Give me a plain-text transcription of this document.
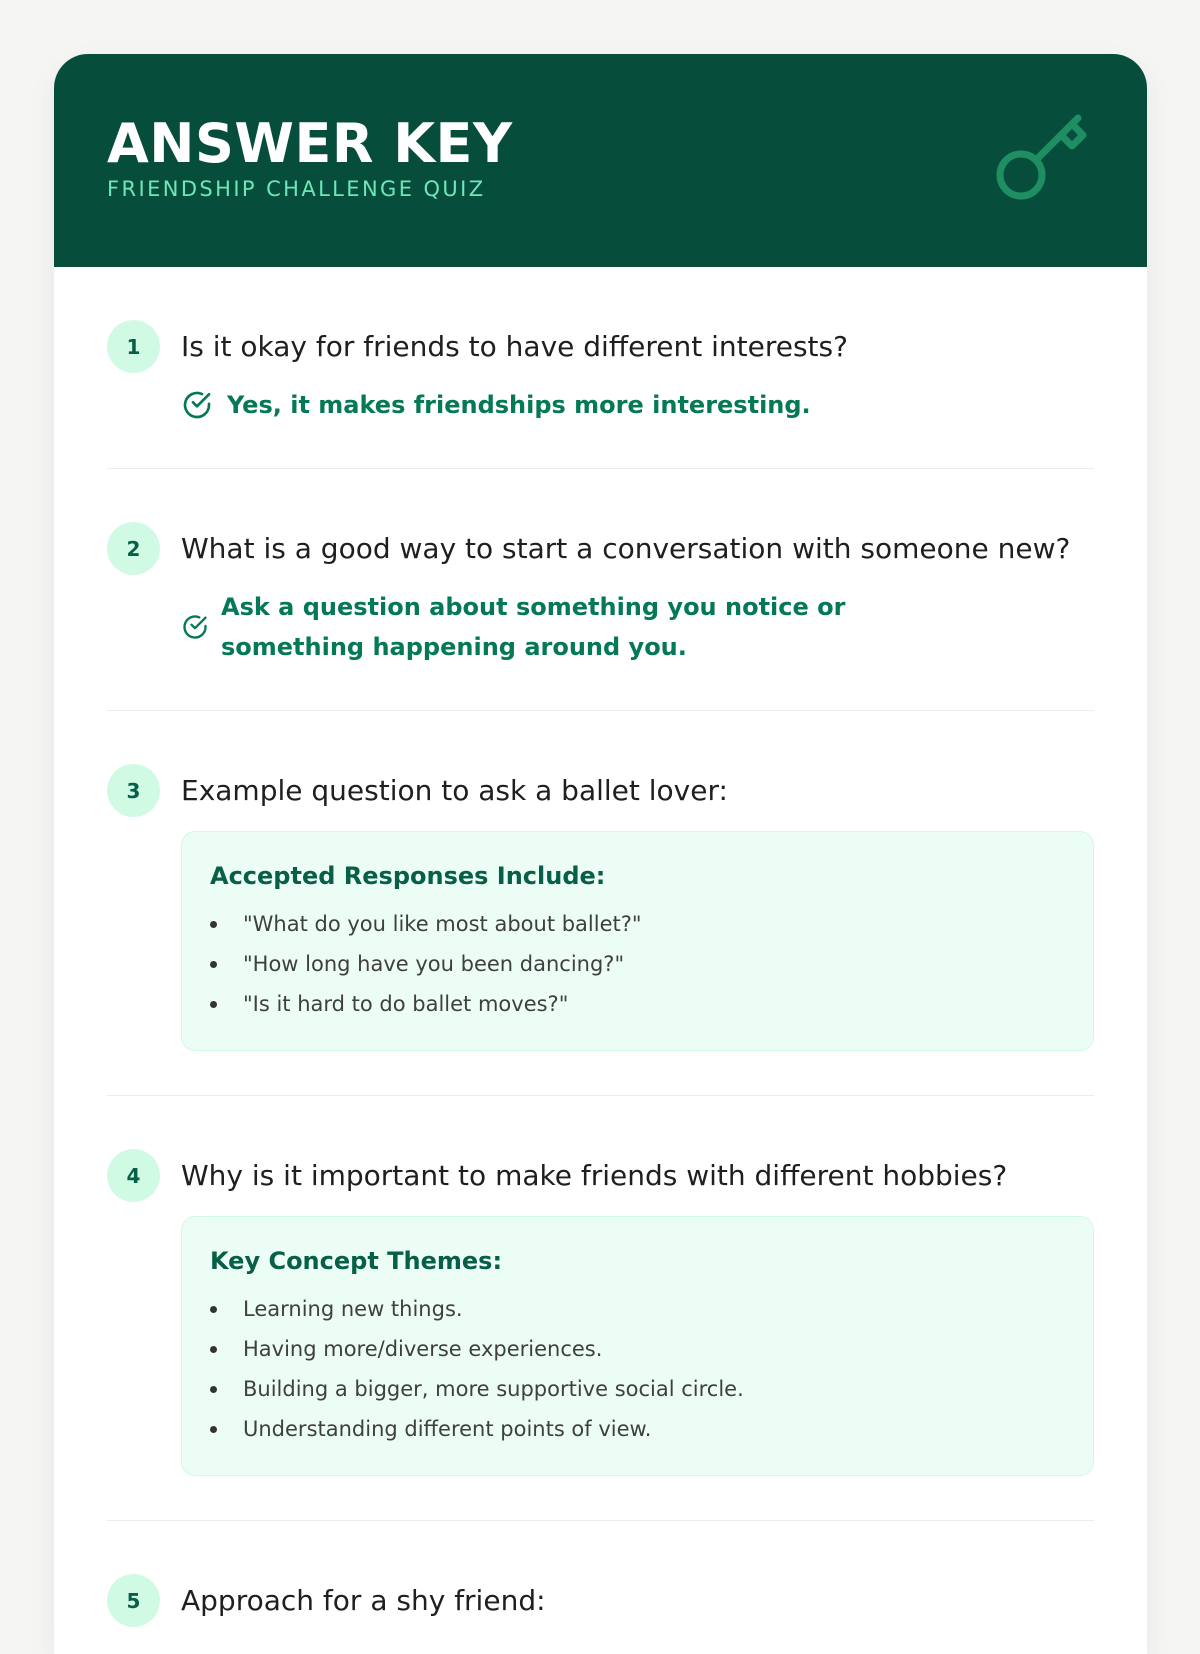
ANSWER KEY
FRIENDSHIP CHALLENGE QUIZ
1	Is it okay for friends to have different interests?
Yes, it makes friendships more interesting.
2	What is a good way to start a conversation with someone new?
Ask a question about something you notice or something happening around you.
3	Example question to ask a ballet lover:
Accepted Responses Include:
"What do you like most about ballet?"
"How long have you been dancing?"
"Is it hard to do ballet moves?"
4	Why is it important to make friends with different hobbies?
Key Concept Themes:
Learning new things.
Having more/diverse experiences.
Building a bigger, more supportive social circle.
Understanding different points of view.
5	Approach for a shy friend:
